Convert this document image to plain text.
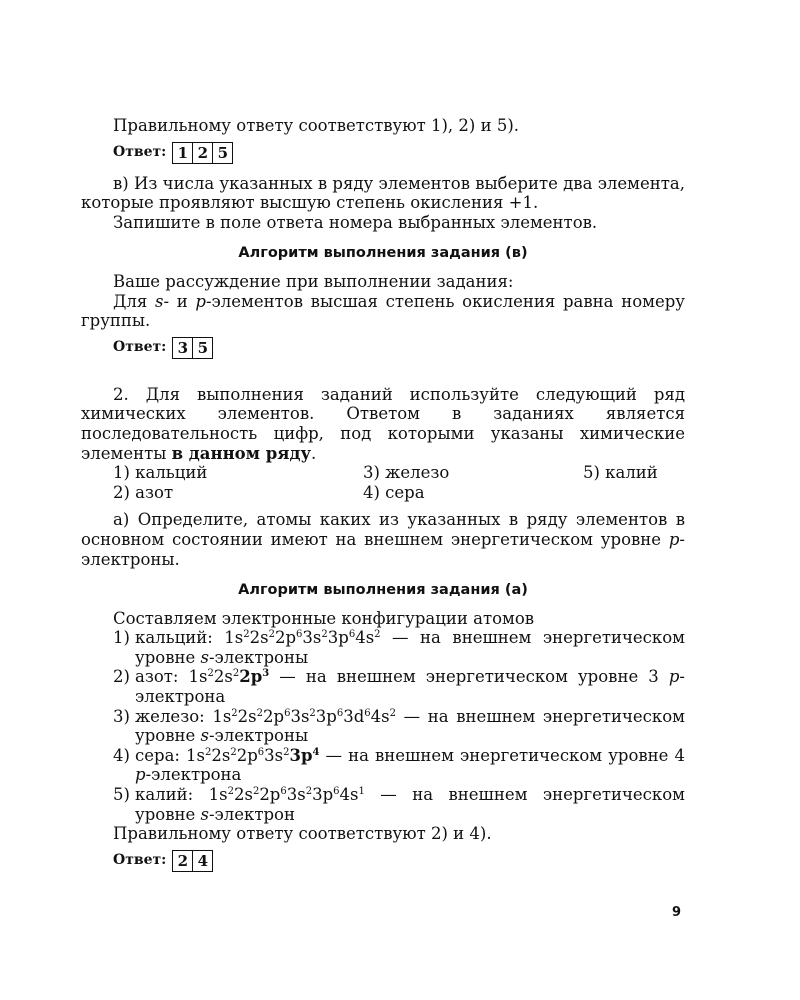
Правильному ответу соответствуют 1), 2) и 5).

Ответ: 1 2 5

в) Из числа указанных в ряду элементов выберите два элемента, которые проявляют высшую степень окисления +1.

Запишите в поле ответа номера выбранных элементов.

Алгоритм выполнения задания (в)

Ваше рассуждение при выполнении задания:

Для s- и p-элементов высшая степень окисления равна номеру группы.

Ответ: 3 5

2. Для выполнения заданий используйте следующий ряд химических элементов. Ответом в заданиях является последовательность цифр, под которыми указаны химические элементы в данном ряду.

1) кальций	3) железо	5) калий
2) азот	4) сера

а) Определите, атомы каких из указанных в ряду элементов в основном состоянии имеют на внешнем энергетическом уровне p-электроны.

Алгоритм выполнения задания (а)

Составляем электронные конфигурации атомов

1) кальций: $1s^22s^22p^63s^23p^64s^2$ — на внешнем энергетическом уровне s-электроны
2) азот: $1s^22s^22p^3$ — на внешнем энергетическом уровне 3 p-электрона
3) железо: $1s^22s^22p^63s^23p^63d^64s^2$ — на внешнем энергетическом уровне s-электроны
4) сера: $1s^22s^22p^63s^23p^4$ — на внешнем энергетическом уровне 4 p-электрона
5) калий: $1s^22s^22p^63s^23p^64s^1$ — на внешнем энергетическом уровне s-электрон

Правильному ответу соответствуют 2) и 4).

Ответ: 2 4
9
